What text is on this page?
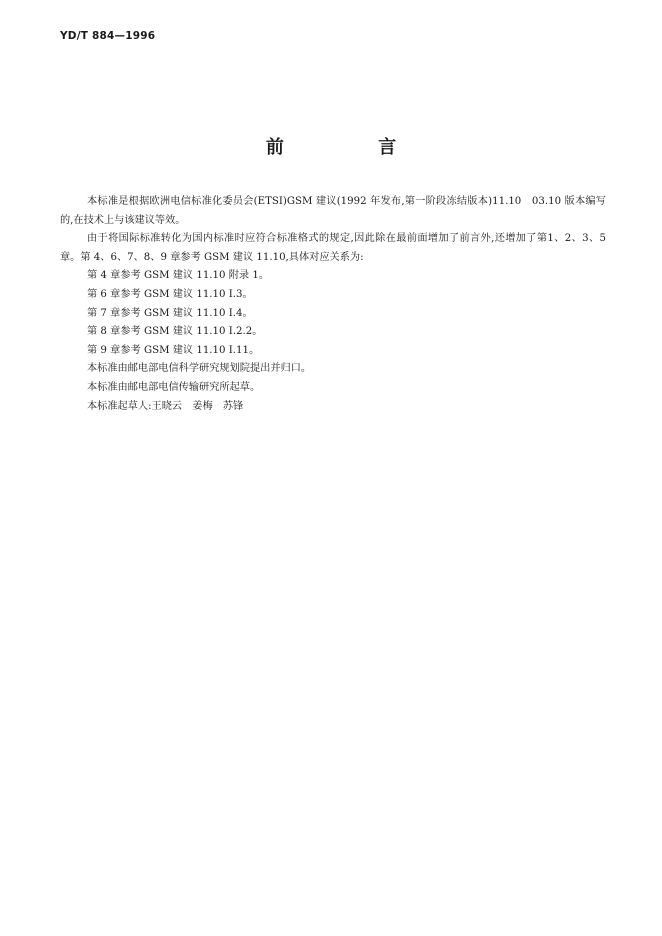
YD/T 884—1996
前 言

本标准是根据欧洲电信标准化委员会(ETSI)GSM 建议(1992 年发布,第一阶段冻结版本)11.10　03.10 版本编写的,在技术上与该建议等效。

由于将国际标准转化为国内标准时应符合标准格式的规定,因此除在最前面增加了前言外,还增加了第1、2、3、5 章。第 4、6、7、8、9 章参考 GSM 建议 11.10,具体对应关系为:

第 4 章参考 GSM 建议 11.10 附录 1。

第 6 章参考 GSM 建议 11.10 Ⅰ.3。

第 7 章参考 GSM 建议 11.10 Ⅰ.4。

第 8 章参考 GSM 建议 11.10 Ⅰ.2.2。

第 9 章参考 GSM 建议 11.10 Ⅰ.11。

本标准由邮电部电信科学研究规划院提出并归口。

本标准由邮电部电信传输研究所起草。

本标准起草人:王晓云　姜梅　苏锋
